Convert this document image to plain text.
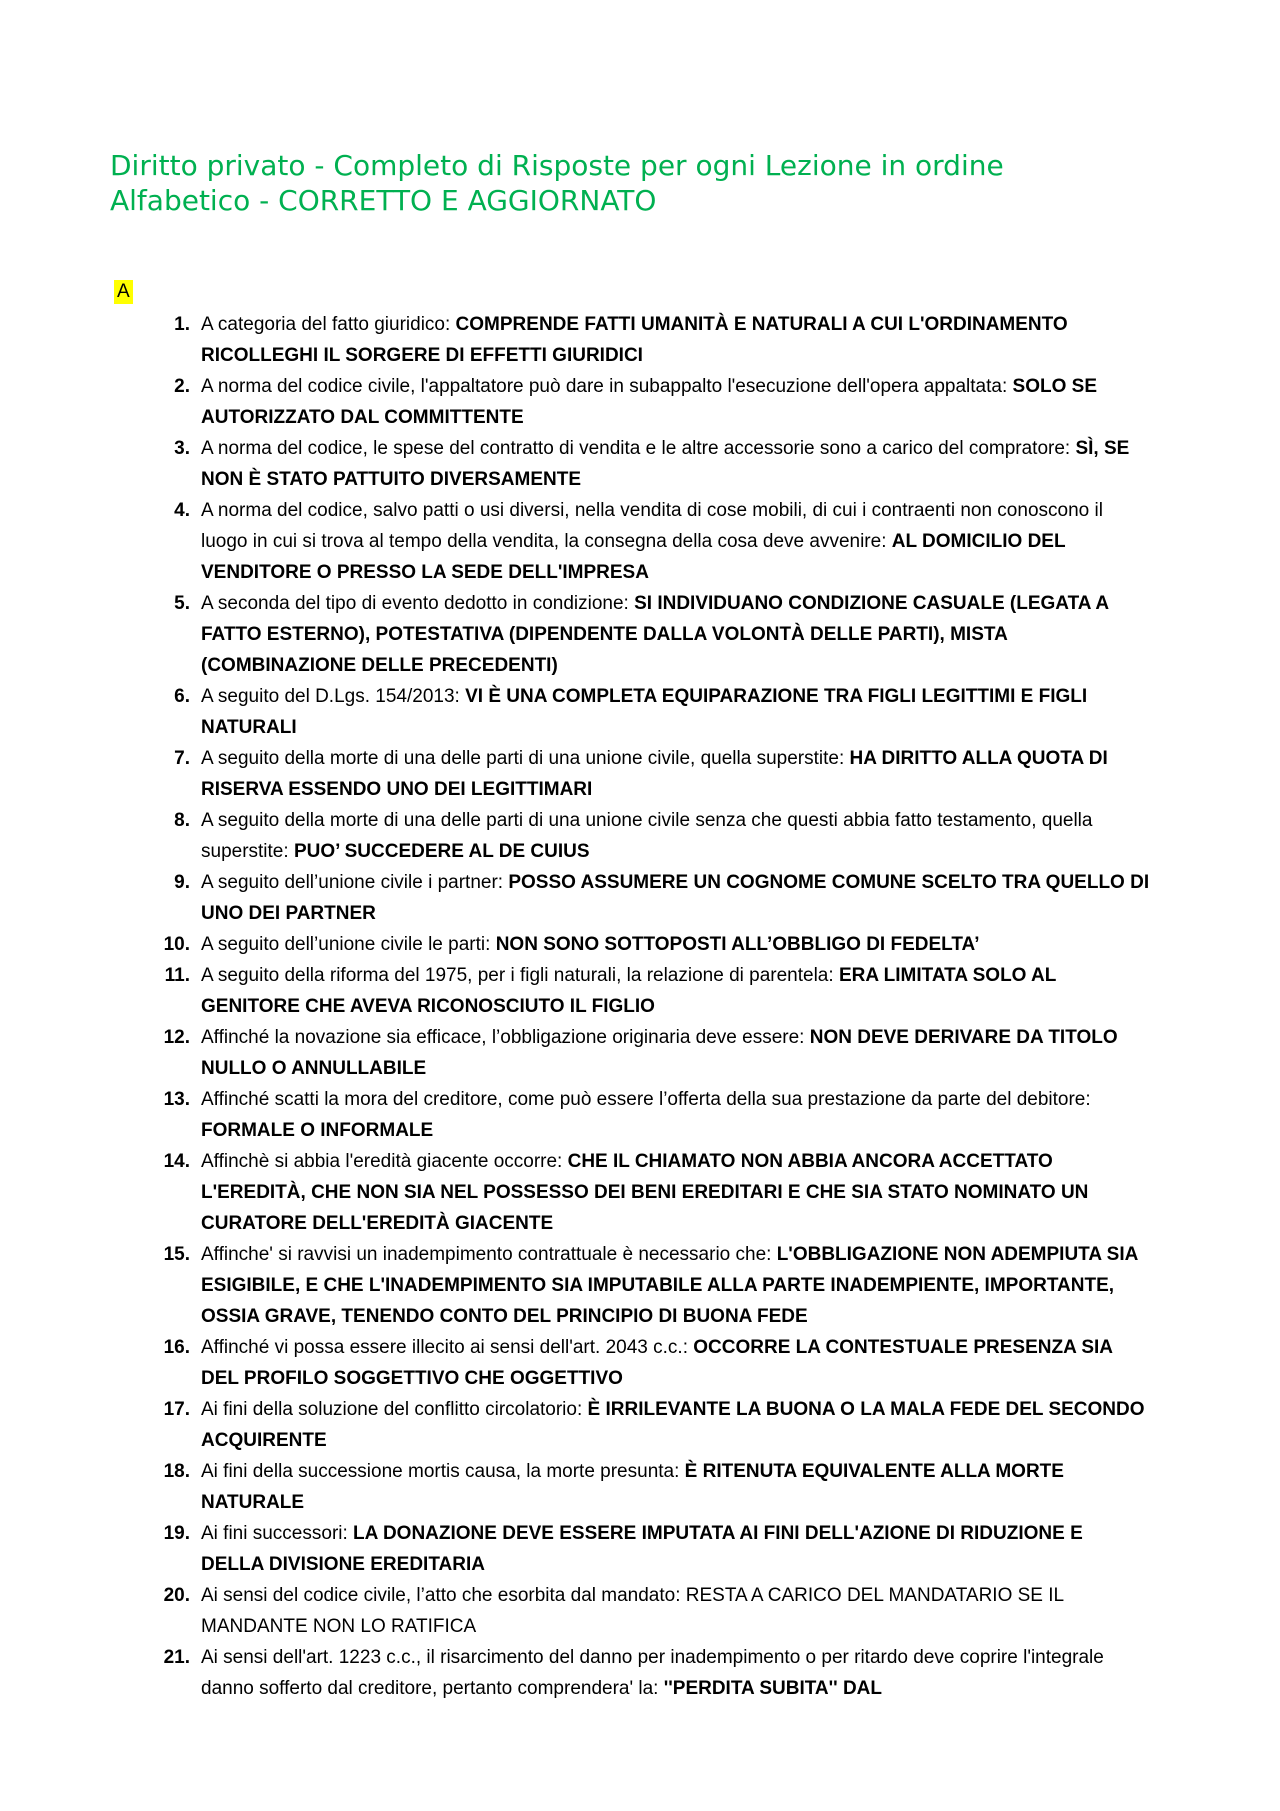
Diritto privato - Completo di Risposte per ogni Lezione in ordine Alfabetico - CORRETTO E AGGIORNATO
A
1. A categoria del fatto giuridico: COMPRENDE FATTI UMANITÀ E NATURALI A CUI L'ORDINAMENTO RICOLLEGHI IL SORGERE DI EFFETTI GIURIDICI
2. A norma del codice civile, l'appaltatore può dare in subappalto l'esecuzione dell'opera appaltata: SOLO SE AUTORIZZATO DAL COMMITTENTE
3. A norma del codice, le spese del contratto di vendita e le altre accessorie sono a carico del compratore: SÌ, SE NON È STATO PATTUITO DIVERSAMENTE
4. A norma del codice, salvo patti o usi diversi, nella vendita di cose mobili, di cui i contraenti non conoscono il luogo in cui si trova al tempo della vendita, la consegna della cosa deve avvenire: AL DOMICILIO DEL VENDITORE O PRESSO LA SEDE DELL'IMPRESA
5. A seconda del tipo di evento dedotto in condizione: SI INDIVIDUANO CONDIZIONE CASUALE (LEGATA A FATTO ESTERNO), POTESTATIVA (DIPENDENTE DALLA VOLONTÀ DELLE PARTI), MISTA (COMBINAZIONE DELLE PRECEDENTI)
6. A seguito del D.Lgs. 154/2013: VI È UNA COMPLETA EQUIPARAZIONE TRA FIGLI LEGITTIMI E FIGLI NATURALI
7. A seguito della morte di una delle parti di una unione civile, quella superstite: HA DIRITTO ALLA QUOTA DI RISERVA ESSENDO UNO DEI LEGITTIMARI
8. A seguito della morte di una delle parti di una unione civile senza che questi abbia fatto testamento, quella superstite: PUO’ SUCCEDERE AL DE CUIUS
9. A seguito dell’unione civile i partner: POSSO ASSUMERE UN COGNOME COMUNE SCELTO TRA QUELLO DI UNO DEI PARTNER
10. A seguito dell’unione civile le parti: NON SONO SOTTOPOSTI ALL’OBBLIGO DI FEDELTA’
11. A seguito della riforma del 1975, per i figli naturali, la relazione di parentela: ERA LIMITATA SOLO AL GENITORE CHE AVEVA RICONOSCIUTO IL FIGLIO
12. Affinché la novazione sia efficace, l’obbligazione originaria deve essere: NON DEVE DERIVARE DA TITOLO NULLO O ANNULLABILE
13. Affinché scatti la mora del creditore, come può essere l’offerta della sua prestazione da parte del debitore: FORMALE O INFORMALE
14. Affinchè si abbia l'eredità giacente occorre: CHE IL CHIAMATO NON ABBIA ANCORA ACCETTATO L'EREDITÀ, CHE NON SIA NEL POSSESSO DEI BENI EREDITARI E CHE SIA STATO NOMINATO UN CURATORE DELL'EREDITÀ GIACENTE
15. Affinche' si ravvisi un inadempimento contrattuale è necessario che: L'OBBLIGAZIONE NON ADEMPIUTA SIA ESIGIBILE, E CHE L'INADEMPIMENTO SIA IMPUTABILE ALLA PARTE INADEMPIENTE, IMPORTANTE, OSSIA GRAVE, TENENDO CONTO DEL PRINCIPIO DI BUONA FEDE
16. Affinché vi possa essere illecito ai sensi dell'art. 2043 c.c.: OCCORRE LA CONTESTUALE PRESENZA SIA DEL PROFILO SOGGETTIVO CHE OGGETTIVO
17. Ai fini della soluzione del conflitto circolatorio: È IRRILEVANTE LA BUONA O LA MALA FEDE DEL SECONDO ACQUIRENTE
18. Ai fini della successione mortis causa, la morte presunta: È RITENUTA EQUIVALENTE ALLA MORTE NATURALE
19. Ai fini successori: LA DONAZIONE DEVE ESSERE IMPUTATA AI FINI DELL'AZIONE DI RIDUZIONE E DELLA DIVISIONE EREDITARIA
20. Ai sensi del codice civile, l’atto che esorbita dal mandato: RESTA A CARICO DEL MANDATARIO SE IL MANDANTE NON LO RATIFICA
21. Ai sensi dell'art. 1223 c.c., il risarcimento del danno per inadempimento o per ritardo deve coprire l'integrale danno sofferto dal creditore, pertanto comprendera' la: ''PERDITA SUBITA'' DAL
